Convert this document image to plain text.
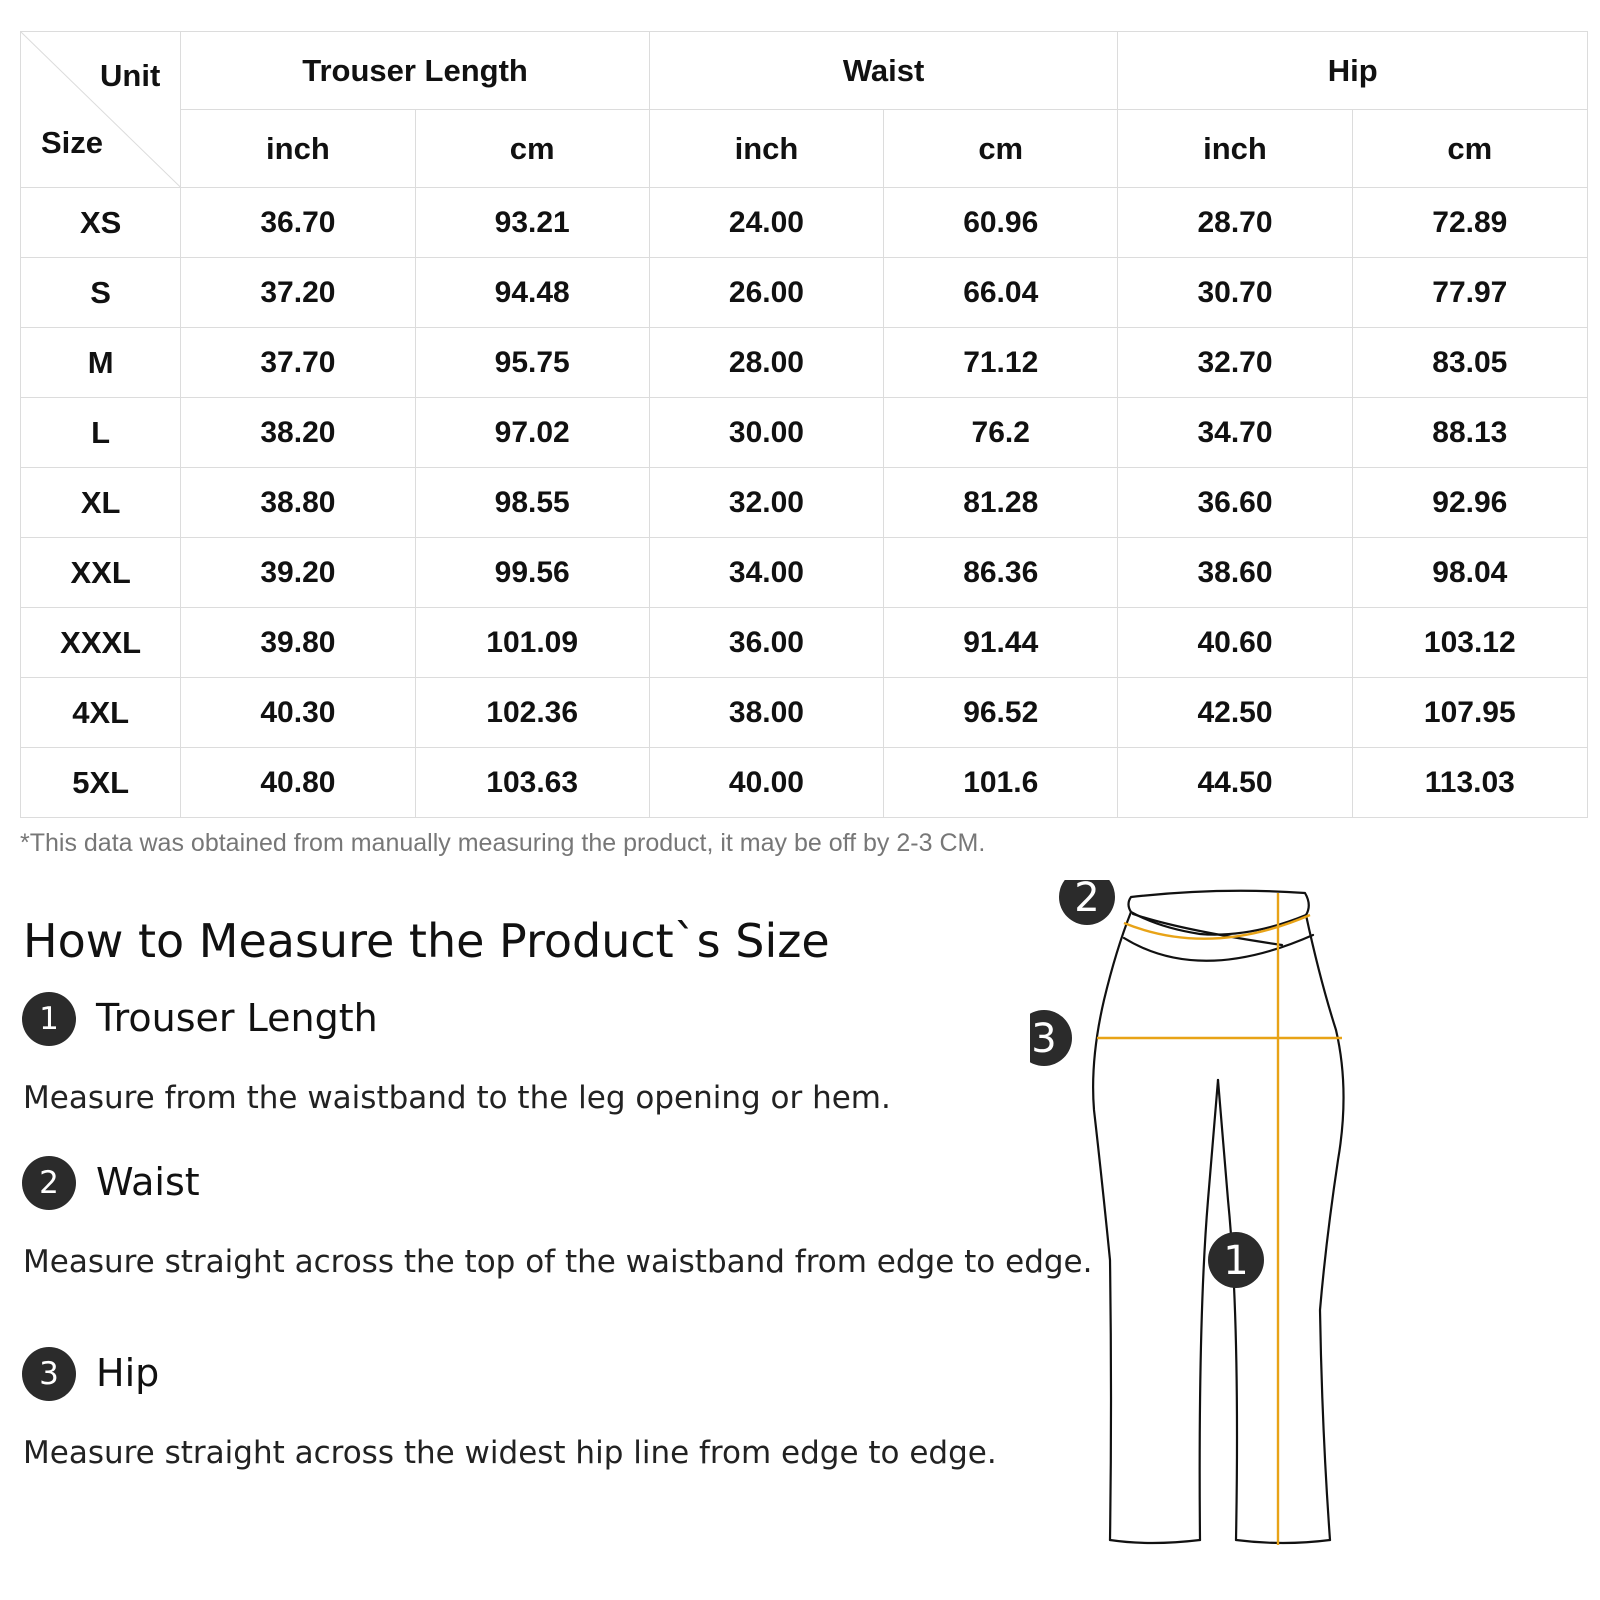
Unit
Size	Trouser Length		Waist		Hip	
	inch	cm	inch	cm	inch	cm
XS	36.70	93.21	24.00	60.96	28.70	72.89
S	37.20	94.48	26.00	66.04	30.70	77.97
M	37.70	95.75	28.00	71.12	32.70	83.05
L	38.20	97.02	30.00	76.2	34.70	88.13
XL	38.80	98.55	32.00	81.28	36.60	92.96
XXL	39.20	99.56	34.00	86.36	38.60	98.04
XXXL	39.80	101.09	36.00	91.44	40.60	103.12
4XL	40.30	102.36	38.00	96.52	42.50	107.95
5XL	40.80	103.63	40.00	101.6	44.50	113.03
*This data was obtained from manually measuring the product, it may be off by 2-3 CM.
How to Measure the Product`s Size
1 Trouser Length
Measure from the waistband to the leg opening or hem.
2 Waist
Measure straight across the top of the waistband from edge to edge.
3 Hip
Measure straight across the widest hip line from edge to edge.
2
3
1
